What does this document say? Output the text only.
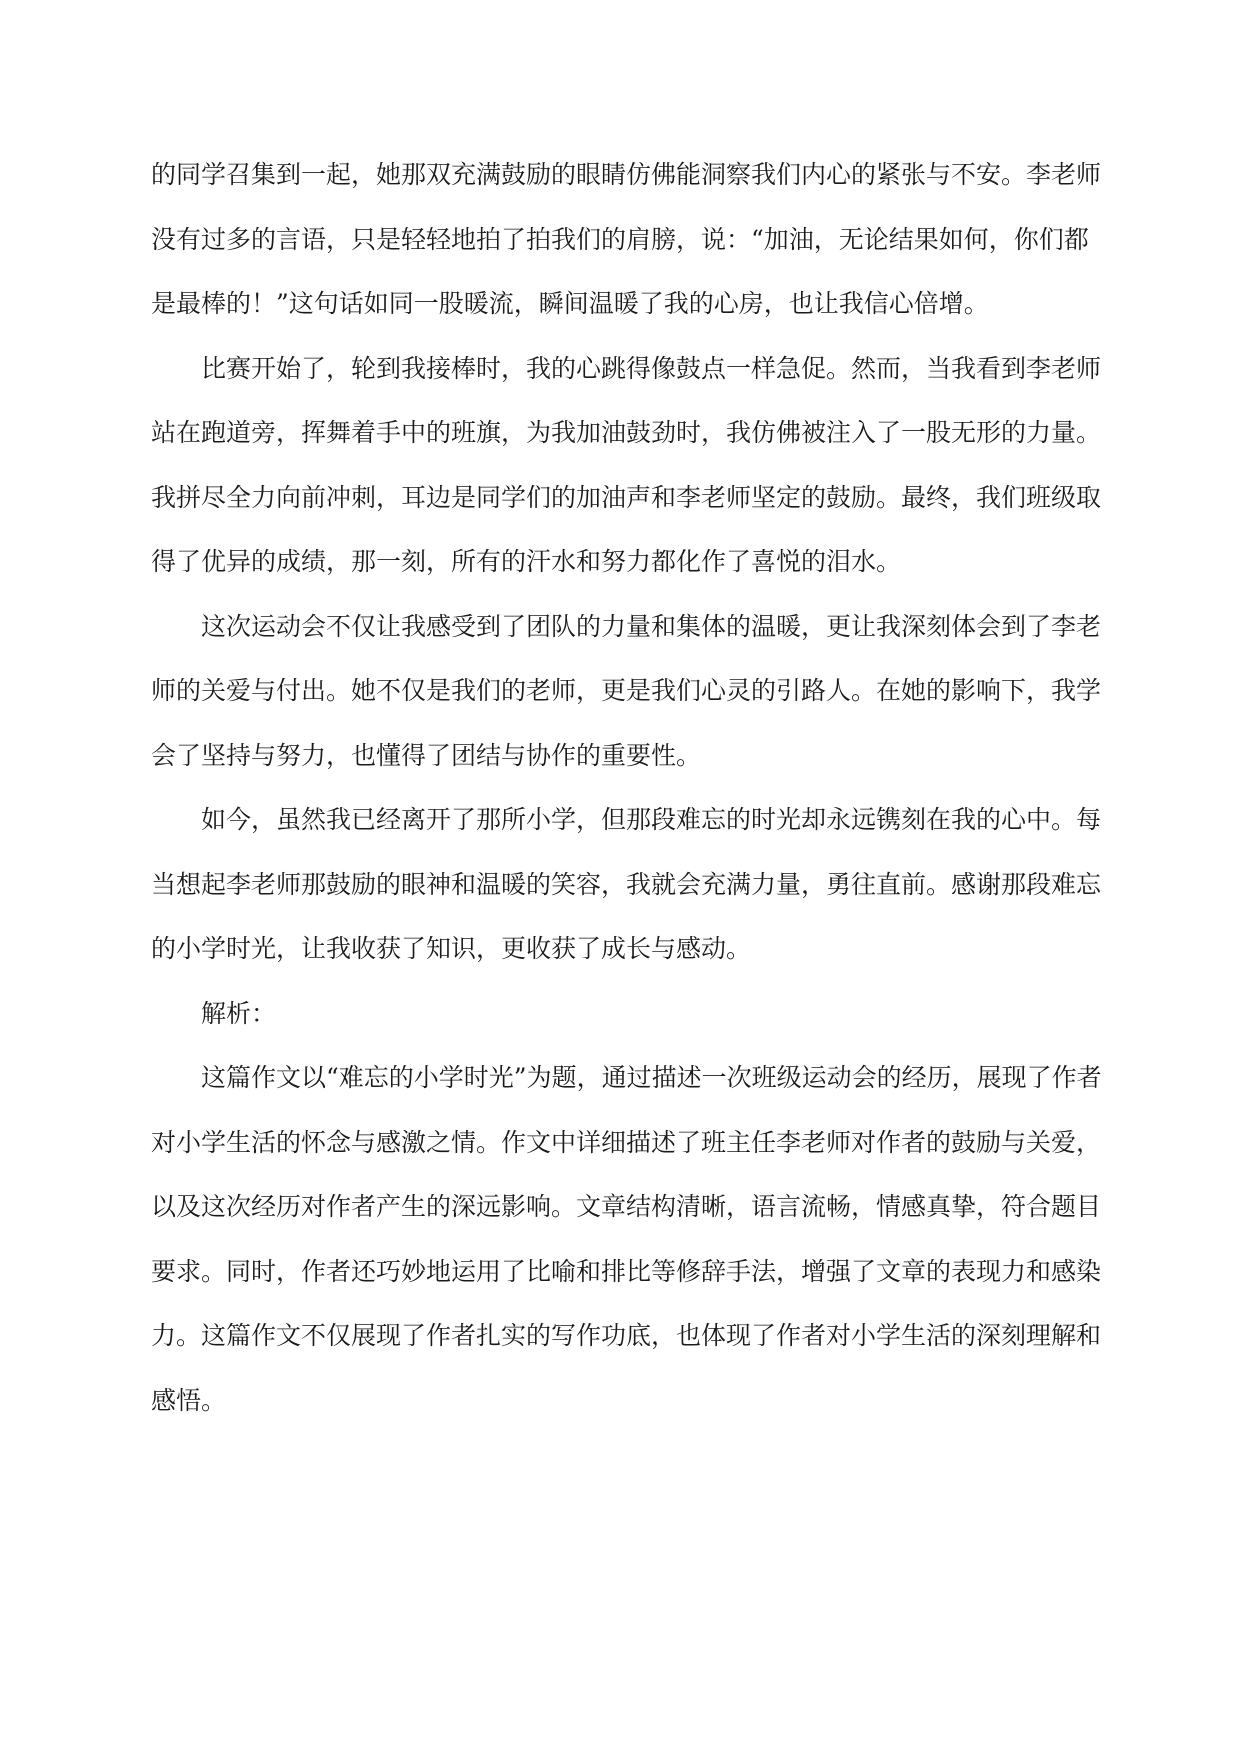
的同学召集到一起，她那双充满鼓励的眼睛仿佛能洞察我们内心的紧张与不安。李老师没有过多的言语，只是轻轻地拍了拍我们的肩膀，说：“加油，无论结果如何，你们都是最棒的！”这句话如同一股暖流，瞬间温暖了我的心房，也让我信心倍增。

比赛开始了，轮到我接棒时，我的心跳得像鼓点一样急促。然而，当我看到李老师站在跑道旁，挥舞着手中的班旗，为我加油鼓劲时，我仿佛被注入了一股无形的力量。我拼尽全力向前冲刺，耳边是同学们的加油声和李老师坚定的鼓励。最终，我们班级取得了优异的成绩，那一刻，所有的汗水和努力都化作了喜悦的泪水。

这次运动会不仅让我感受到了团队的力量和集体的温暖，更让我深刻体会到了李老师的关爱与付出。她不仅是我们的老师，更是我们心灵的引路人。在她的影响下，我学会了坚持与努力，也懂得了团结与协作的重要性。

如今，虽然我已经离开了那所小学，但那段难忘的时光却永远镌刻在我的心中。每当想起李老师那鼓励的眼神和温暖的笑容，我就会充满力量，勇往直前。感谢那段难忘的小学时光，让我收获了知识，更收获了成长与感动。

解析：

这篇作文以“难忘的小学时光”为题，通过描述一次班级运动会的经历，展现了作者对小学生活的怀念与感激之情。作文中详细描述了班主任李老师对作者的鼓励与关爱，以及这次经历对作者产生的深远影响。文章结构清晰，语言流畅，情感真挚，符合题目要求。同时，作者还巧妙地运用了比喻和排比等修辞手法，增强了文章的表现力和感染力。这篇作文不仅展现了作者扎实的写作功底，也体现了作者对小学生活的深刻理解和感悟。
